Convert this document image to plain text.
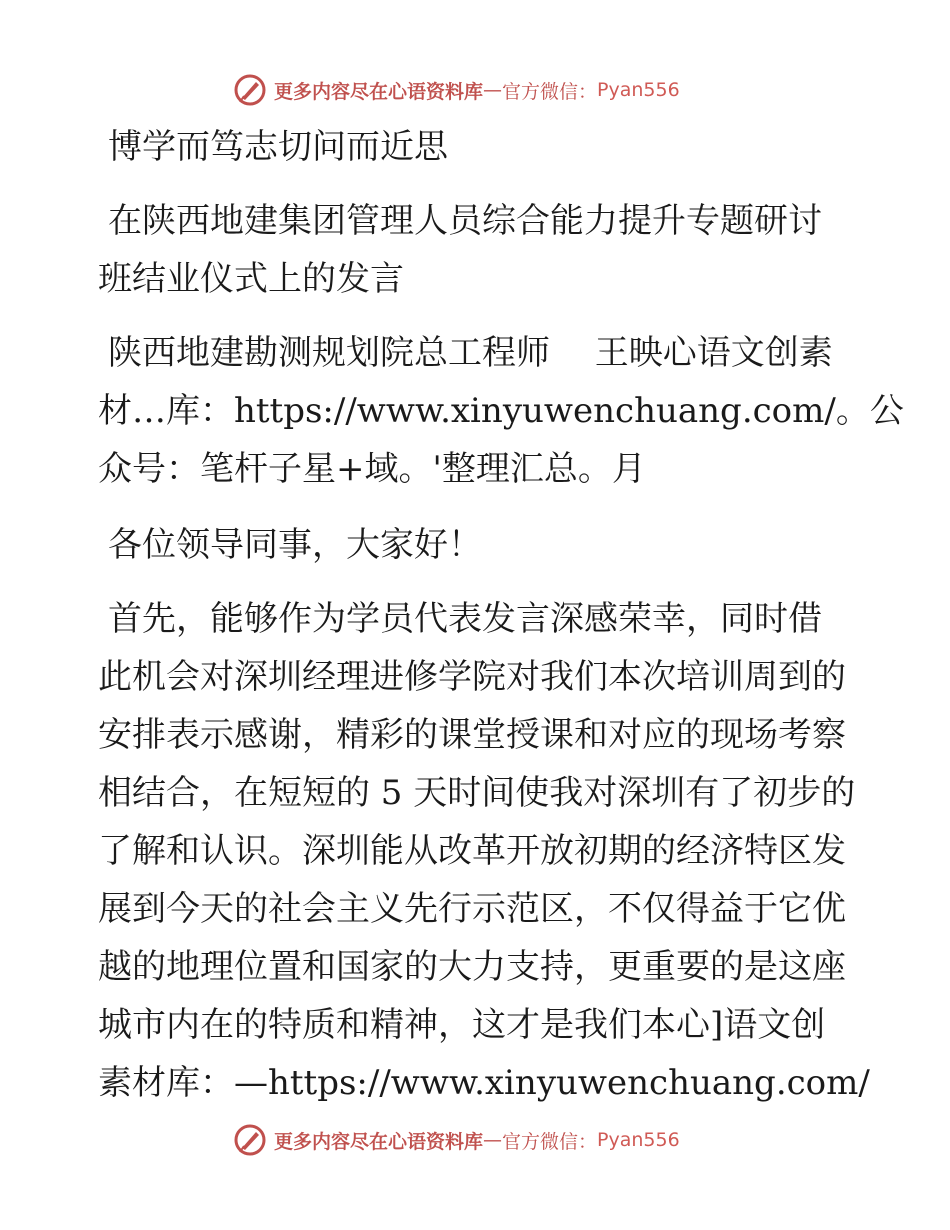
更多内容尽在心语资料库 — 官方微信： Pyan556
博学而笃志切问而近思
在陕西地建集团管理人员综合能力提升专题研讨
班结业仪式上的发言
陕西地建勘测规划院总工程师　 王映心语文创素
材…库：https://www.xinyuwenchuang.com/。公
众号：笔杆子星+域。'整理汇总。月
各位领导同事，大家好！
首先，能够作为学员代表发言深感荣幸，同时借
此机会对深圳经理进修学院对我们本次培训周到的
安排表示感谢，精彩的课堂授课和对应的现场考察
相结合，在短短的 5 天时间使我对深圳有了初步的
了解和认识。深圳能从改革开放初期的经济特区发
展到今天的社会主义先行示范区，不仅得益于它优
越的地理位置和国家的大力支持，更重要的是这座
城市内在的特质和精神，这才是我们本心]语文创
素材库：—https://www.xinyuwenchuang.com/
更多内容尽在心语资料库 — 官方微信： Pyan556
